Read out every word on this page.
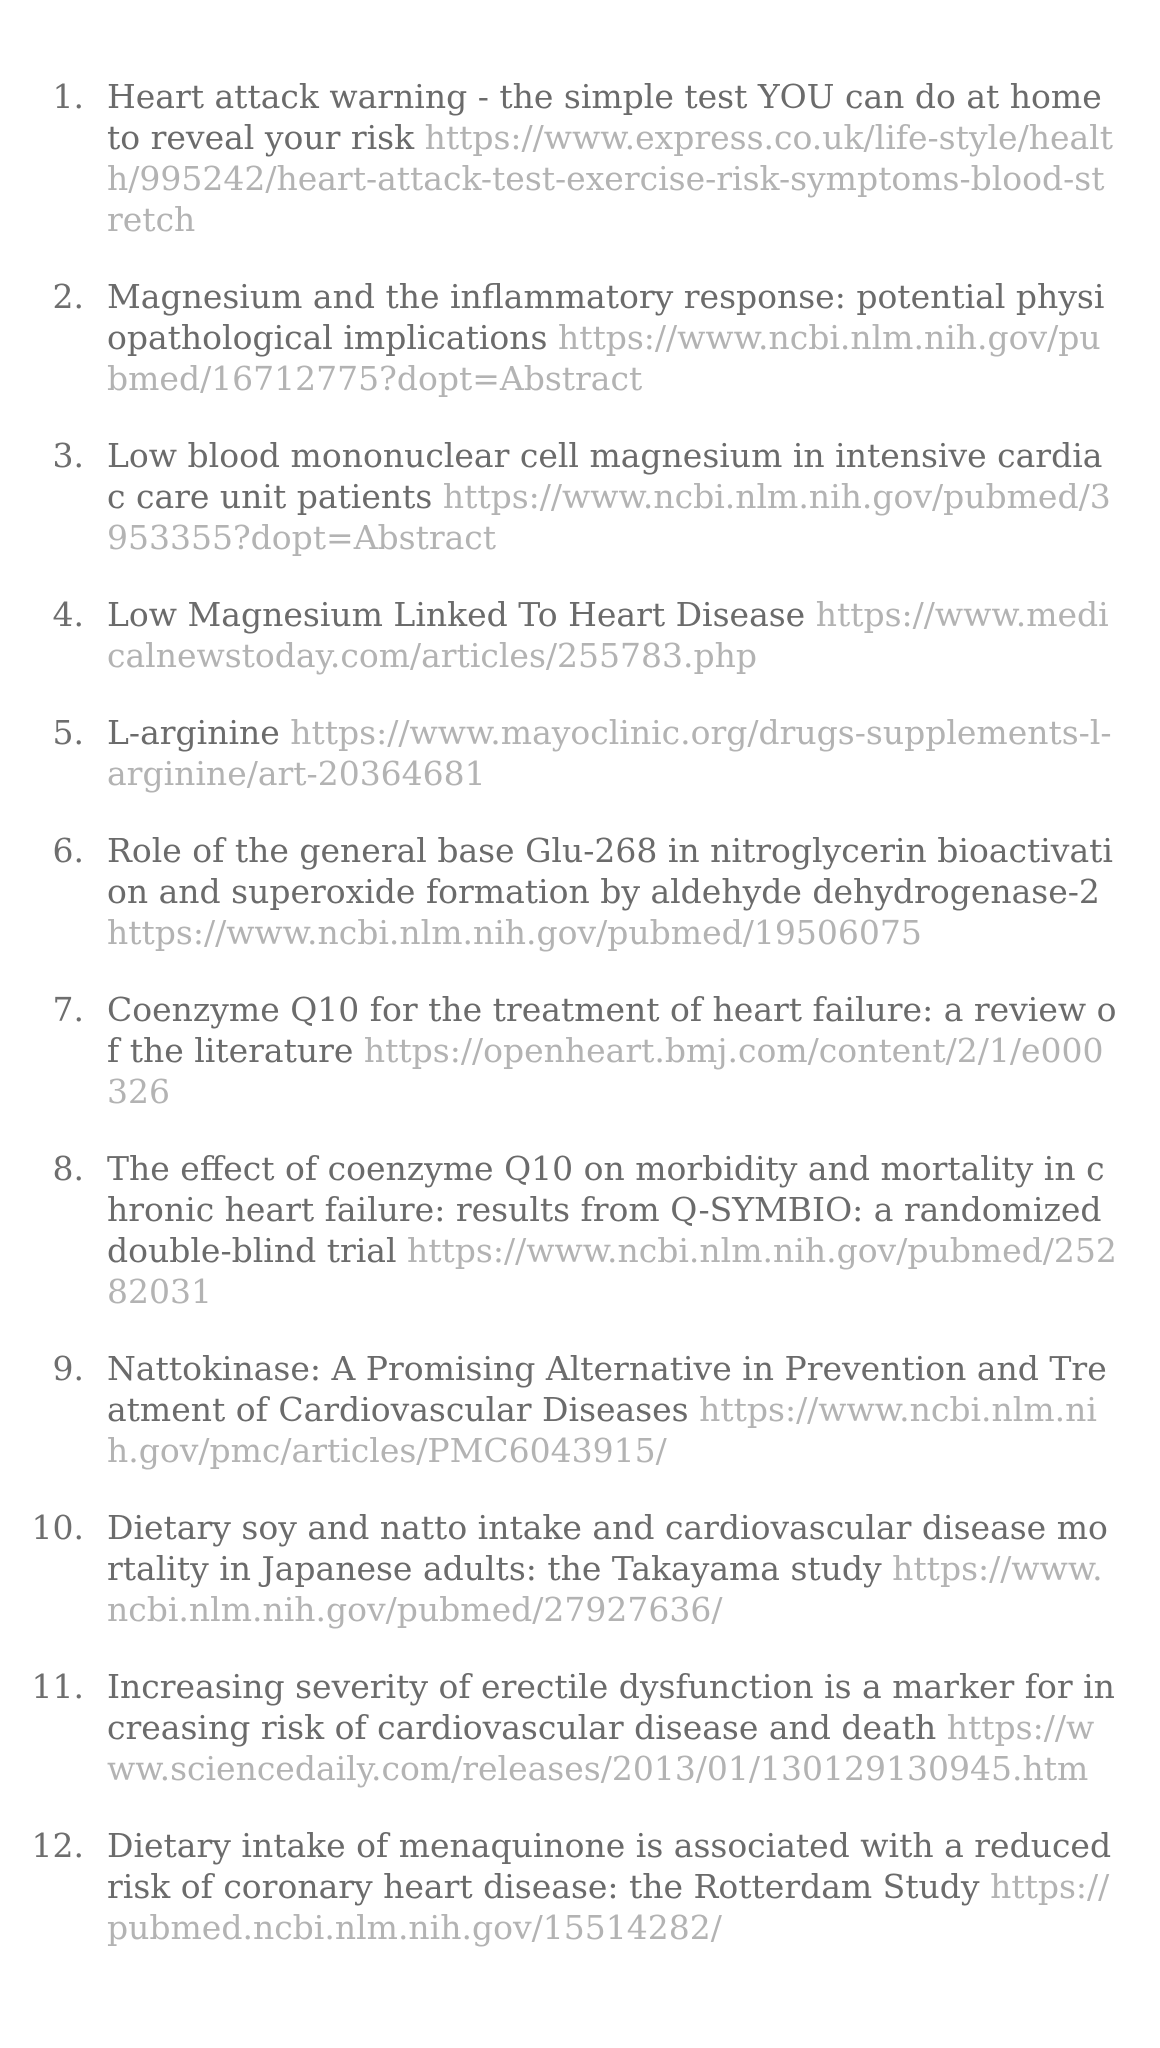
1. Heart attack warning - the simple test YOU can do at home to reveal your risk https://www.express.co.uk/life-style/health/995242/heart-attack-test-exercise-risk-symptoms-blood-stretch
2. Magnesium and the inflammatory response: potential physiopathological implications https://www.ncbi.nlm.nih.gov/pubmed/16712775?dopt=Abstract
3. Low blood mononuclear cell magnesium in intensive cardiac care unit patients https://www.ncbi.nlm.nih.gov/pubmed/3953355?dopt=Abstract
4. Low Magnesium Linked To Heart Disease https://www.medicalnewstoday.com/articles/255783.php
5. L-arginine https://www.mayoclinic.org/drugs-supplements-l-arginine/art-20364681
6. Role of the general base Glu-268 in nitroglycerin bioactivation and superoxide formation by aldehyde dehydrogenase-2 https://www.ncbi.nlm.nih.gov/pubmed/19506075
7. Coenzyme Q10 for the treatment of heart failure: a review of the literature https://openheart.bmj.com/content/2/1/e000326
8. The effect of coenzyme Q10 on morbidity and mortality in chronic heart failure: results from Q-SYMBIO: a randomized double-blind trial https://www.ncbi.nlm.nih.gov/pubmed/25282031
9. Nattokinase: A Promising Alternative in Prevention and Treatment of Cardiovascular Diseases https://www.ncbi.nlm.nih.gov/pmc/articles/PMC6043915/
10. Dietary soy and natto intake and cardiovascular disease mortality in Japanese adults: the Takayama study https://www.ncbi.nlm.nih.gov/pubmed/27927636/
11. Increasing severity of erectile dysfunction is a marker for increasing risk of cardiovascular disease and death https://www.sciencedaily.com/releases/2013/01/130129130945.htm
12. Dietary intake of menaquinone is associated with a reduced risk of coronary heart disease: the Rotterdam Study https://pubmed.ncbi.nlm.nih.gov/15514282/
